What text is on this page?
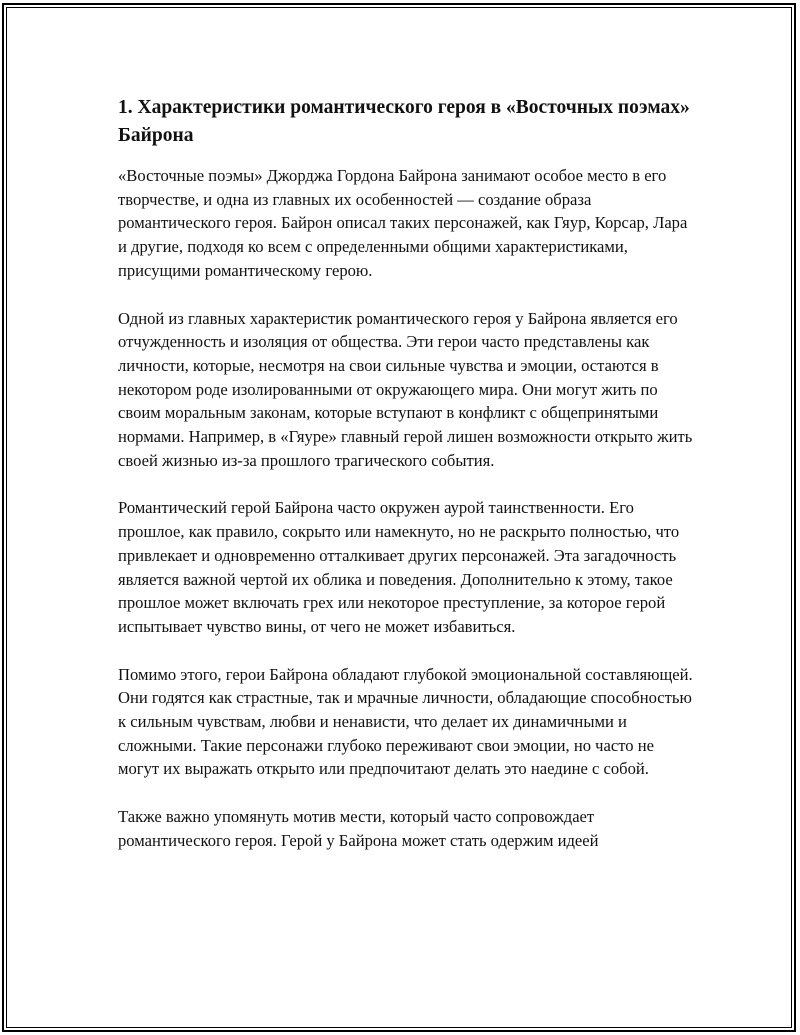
1. Характеристики романтического героя в «Восточных поэмах» Байрона

«Восточные поэмы» Джорджа Гордона Байрона занимают особое место в его творчестве, и одна из главных их особенностей — создание образа романтического героя. Байрон описал таких персонажей, как Гяур, Корсар, Лара и другие, подходя ко всем с определенными общими характеристиками, присущими романтическому герою.

Одной из главных характеристик романтического героя у Байрона является его отчужденность и изоляция от общества. Эти герои часто представлены как личности, которые, несмотря на свои сильные чувства и эмоции, остаются в некотором роде изолированными от окружающего мира. Они могут жить по своим моральным законам, которые вступают в конфликт с общепринятыми нормами. Например, в «Гяуре» главный герой лишен возможности открыто жить своей жизнью из-за прошлого трагического события.

Романтический герой Байрона часто окружен аурой таинственности. Его прошлое, как правило, сокрыто или намекнуто, но не раскрыто полностью, что привлекает и одновременно отталкивает других персонажей. Эта загадочность является важной чертой их облика и поведения. Дополнительно к этому, такое прошлое может включать грех или некоторое преступление, за которое герой испытывает чувство вины, от чего не может избавиться.

Помимо этого, герои Байрона обладают глубокой эмоциональной составляющей. Они годятся как страстные, так и мрачные личности, обладающие способностью к сильным чувствам, любви и ненависти, что делает их динамичными и сложными. Такие персонажи глубоко переживают свои эмоции, но часто не могут их выражать открыто или предпочитают делать это наедине с собой.

Также важно упомянуть мотив мести, который часто сопровождает романтического героя. Герой у Байрона может стать одержим идеей
